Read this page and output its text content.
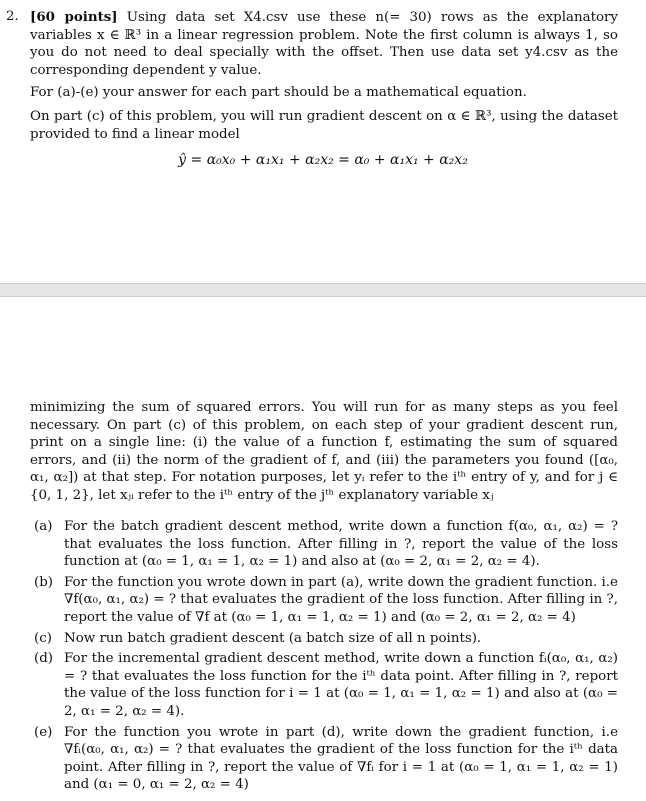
2. [60 points] Using data set X4.csv use these n(= 30) rows as the explanatory variables x ∈ ℝ³ in a linear regression problem. Note the first column is always 1, so you do not need to deal specially with the offset. Then use data set y4.csv as the corresponding dependent y value.

For (a)-(e) your answer for each part should be a mathematical equation.

On part (c) of this problem, you will run gradient descent on α ∈ ℝ³, using the dataset provided to find a linear model

ŷ = α₀x₀ + α₁x₁ + α₂x₂ = α₀ + α₁x₁ + α₂x₂

minimizing the sum of squared errors. You will run for as many steps as you feel necessary. On part (c) of this problem, on each step of your gradient descent run, print on a single line: (i) the value of a function f, estimating the sum of squared errors, and (ii) the norm of the gradient of f, and (iii) the parameters you found ([α₀, α₁, α₂]) at that step. For notation purposes, let yᵢ refer to the iᵗʰ entry of y, and for j ∈ {0, 1, 2}, let xⱼᵢ refer to the iᵗʰ entry of the jᵗʰ explanatory variable xⱼ

(a) For the batch gradient descent method, write down a function f(α₀, α₁, α₂) = ? that evaluates the loss function. After filling in ?, report the value of the loss function at (α₀ = 1, α₁ = 1, α₂ = 1) and also at (α₀ = 2, α₁ = 2, α₂ = 4).
(b) For the function you wrote down in part (a), write down the gradient function. i.e ∇f(α₀, α₁, α₂) = ? that evaluates the gradient of the loss function. After filling in ?, report the value of ∇f at (α₀ = 1, α₁ = 1, α₂ = 1) and (α₀ = 2, α₁ = 2, α₂ = 4)
(c) Now run batch gradient descent (a batch size of all n points).
(d) For the incremental gradient descent method, write down a function fᵢ(α₀, α₁, α₂) = ? that evaluates the loss function for the iᵗʰ data point. After filling in ?, report the value of the loss function for i = 1 at (α₀ = 1, α₁ = 1, α₂ = 1) and also at (α₀ = 2, α₁ = 2, α₂ = 4).
(e) For the function you wrote in part (d), write down the gradient function, i.e ∇fᵢ(α₀, α₁, α₂) = ? that evaluates the gradient of the loss function for the iᵗʰ data point. After filling in ?, report the value of ∇fᵢ for i = 1 at (α₀ = 1, α₁ = 1, α₂ = 1) and (α₁ = 0, α₁ = 2, α₂ = 4)
